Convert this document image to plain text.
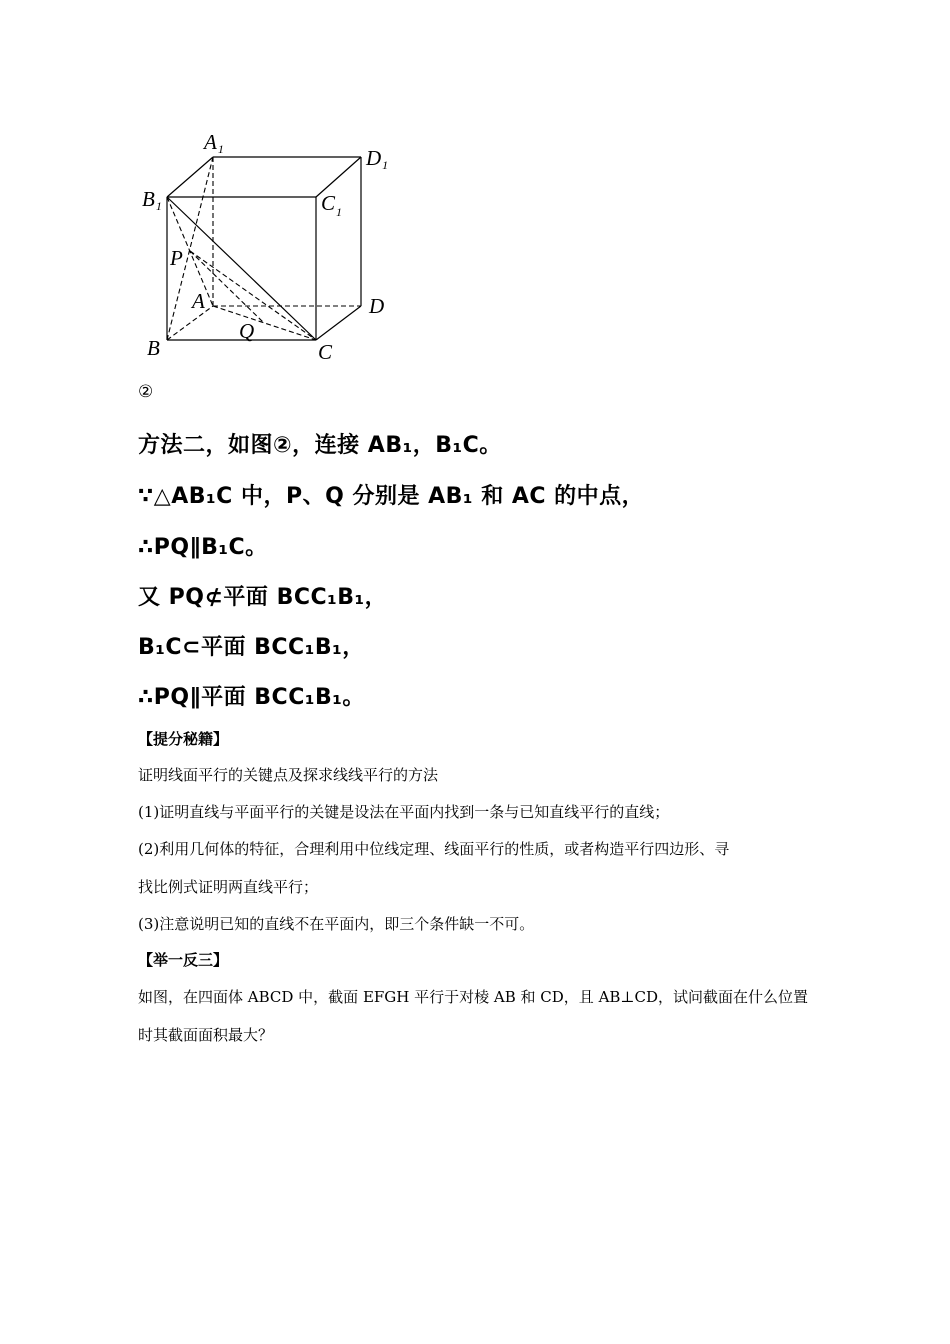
A1	D1
B1	$C_1$
P
A	D
B
Q
C
②
方法二，如图②，连接 AB₁，B₁C。
∵△AB₁C 中，P、Q 分别是 AB₁ 和 AC 的中点，
∴PQ∥B₁C。
又 PQ⊄平面 BCC₁B₁，
B₁C⊂平面 BCC₁B₁，
∴PQ∥平面 BCC₁B₁。
【提分秘籍】
证明线面平行的关键点及探求线线平行的方法
(1)证明直线与平面平行的关键是设法在平面内找到一条与已知直线平行的直线；
(2)利用几何体的特征，合理利用中位线定理、线面平行的性质，或者构造平行四边形、寻
找比例式证明两直线平行；
(3)注意说明已知的直线不在平面内，即三个条件缺一不可。
【举一反三】
如图，在四面体 ABCD 中，截面 EFGH 平行于对棱 AB 和 CD，且 AB⊥CD，试问截面在什么位置
时其截面面积最大？
